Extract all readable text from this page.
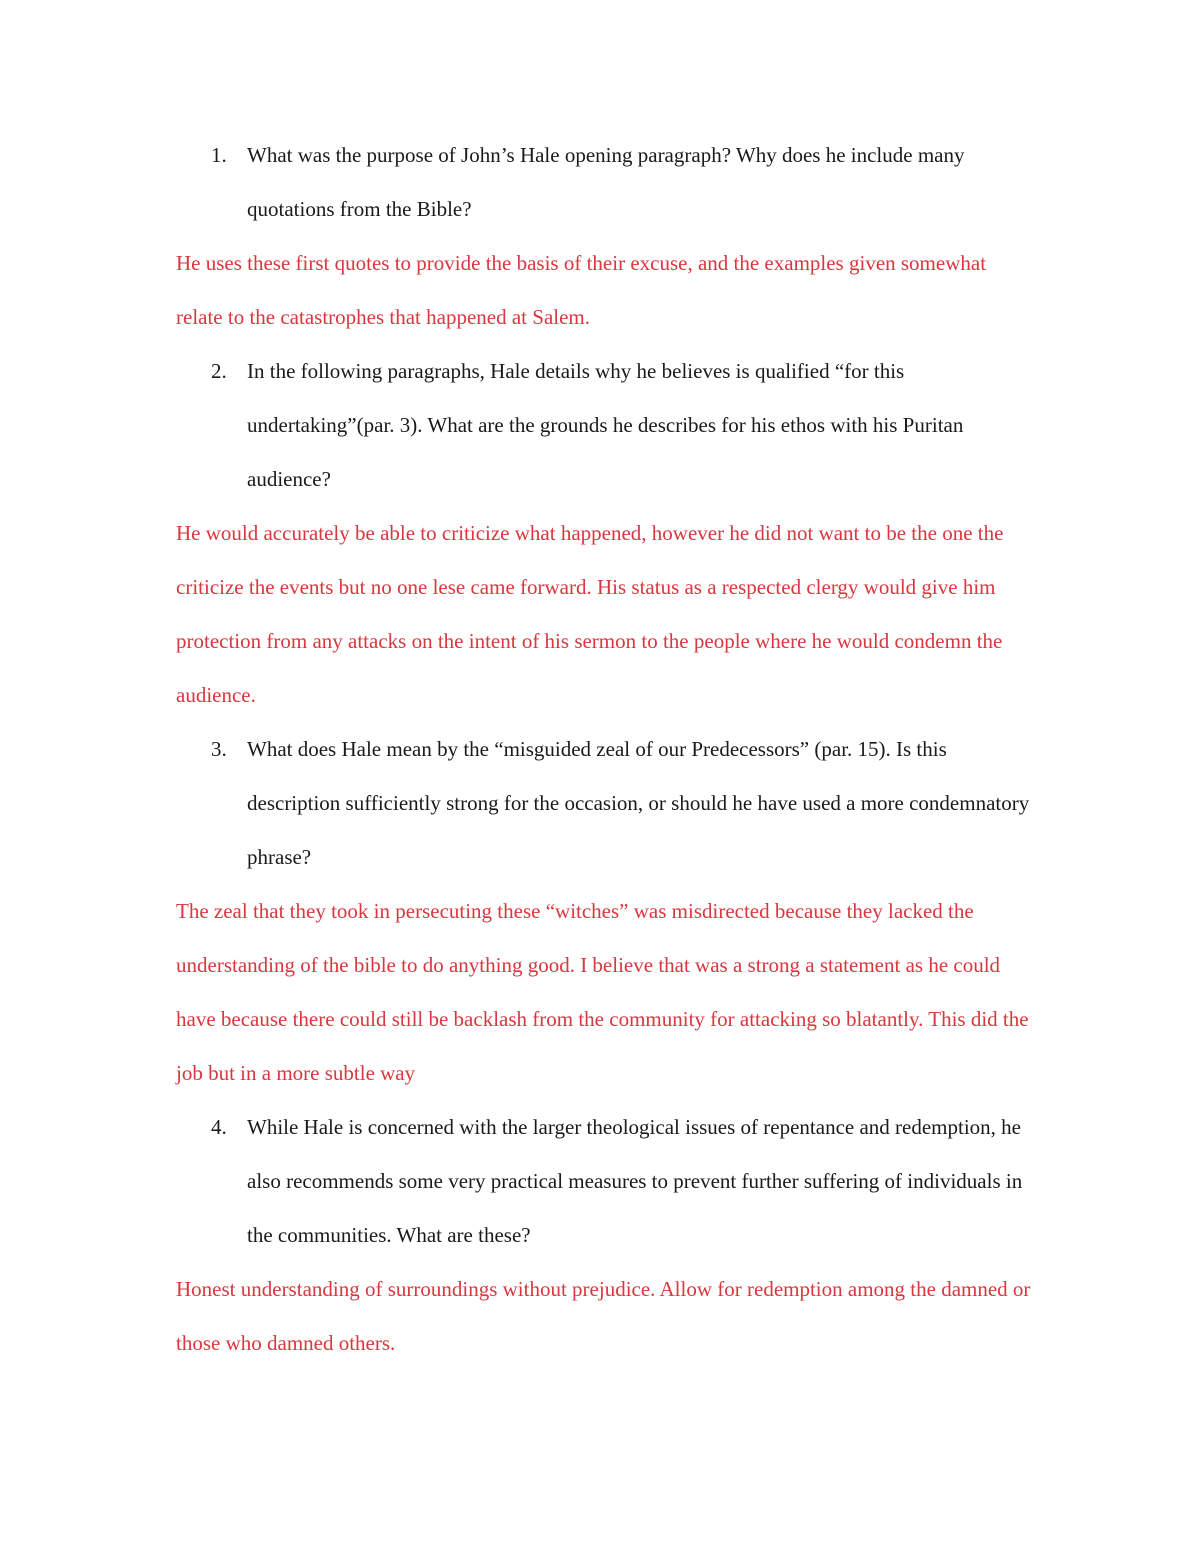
1. What was the purpose of John’s Hale opening paragraph? Why does he include many quotations from the Bible?

He uses these first quotes to provide the basis of their excuse, and the examples given somewhat relate to the catastrophes that happened at Salem.

2. In the following paragraphs, Hale details why he believes is qualified “for this undertaking”(par. 3). What are the grounds he describes for his ethos with his Puritan audience?

He would accurately be able to criticize what happened, however he did not want to be the one the criticize the events but no one lese came forward. His status as a respected clergy would give him protection from any attacks on the intent of his sermon to the people where he would condemn the audience.

3. What does Hale mean by the “misguided zeal of our Predecessors” (par. 15). Is this description sufficiently strong for the occasion, or should he have used a more condemnatory phrase?

The zeal that they took in persecuting these “witches” was misdirected because they lacked the understanding of the bible to do anything good. I believe that was a strong a statement as he could have because there could still be backlash from the community for attacking so blatantly. This did the job but in a more subtle way

4. While Hale is concerned with the larger theological issues of repentance and redemption, he also recommends some very practical measures to prevent further suffering of individuals in the communities. What are these?

Honest understanding of surroundings without prejudice. Allow for redemption among the damned or those who damned others.
